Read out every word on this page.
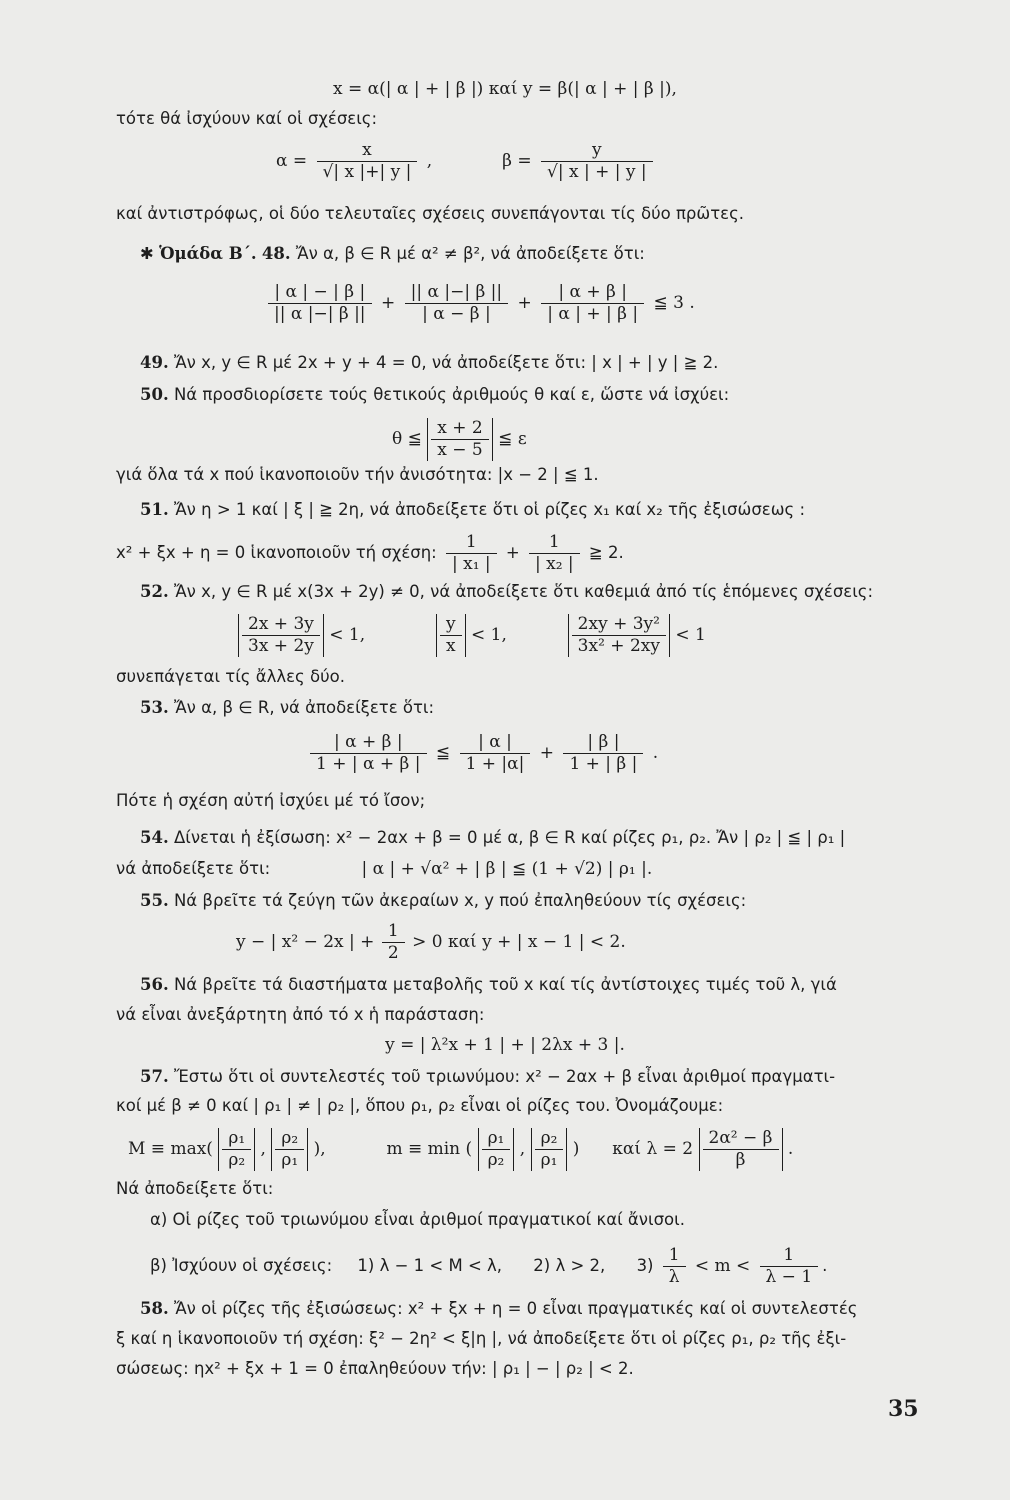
x = α(| α | + | β |) καί y = β(| α | + | β |),
τότε θά ἰσχύουν καί οἱ σχέσεις:
$\alpha = \frac{x}{√| x |+| y |}$ ,	$\beta = \frac{y}{√| x | + | y |}$
καί ἀντιστρόφως, οἱ δύο τελευταῖες σχέσεις συνεπάγονται τίς δύο πρῶτες.
✱ Ὁμάδα Β΄. 48. Ἄν α, β ∈ R μέ α² ≠ β², νά ἀποδείξετε ὅτι:
$\frac{| \alpha | - | \beta |}{|| \alpha |-| \beta ||} + \frac{|| \alpha |-| \beta ||}{| \alpha - \beta |} + \frac{| \alpha + \beta |}{| \alpha | + | \beta |}$ ≦ 3 .
49. Ἄν x, y ∈ R μέ 2x + y + 4 = 0, νά ἀποδείξετε ὅτι: | x | + | y | ≧ 2.
50. Νά προσδιορίσετε τούς θετικούς ἀριθμούς θ καί ε, ὥστε νά ἰσχύει:
θ ≦ $\frac{x + 2}{x - 5}$ ≦ ε
γιά ὅλα τά x πού ἱκανοποιοῦν τήν ἀνισότητα: |x − 2 | ≦ 1.
51. Ἄν η > 1 καί | ξ | ≧ 2η, νά ἀποδείξετε ὅτι οἱ ρίζες x₁ καί x₂ τῆς ἐξισώσεως :
x² + ξx + η = 0 ἱκανοποιοῦν τή σχέση: $\frac{1}{\text{| x₁ |}} + \frac{1}{\text{| x₂ |}}$ ≧ 2.
52. Ἄν x, y ∈ R μέ x(3x + 2y) ≠ 0, νά ἀποδείξετε ὅτι καθεμιά ἀπό τίς ἑπόμενες σχέσεις:
$\frac{2x + 3y}{3x + 2y} < 1$,	$\frac{y}{x} < 1$,	$\frac{\text{2xy + 3y²}}{\text{3x² + 2xy}} < 1$
συνεπάγεται τίς ἄλλες δύο.
53. Ἄν α, β ∈ R, νά ἀποδείξετε ὅτι:
$\frac{| \alpha + \beta |}{1 + | \alpha + \beta |}$ ≦ $\frac{| \alpha |}{1 + |\alpha|} + \frac{| \beta |}{1 + | \beta |}$ .
Πότε ἡ σχέση αὐτή ἰσχύει μέ τό ἴσον;
54. Δίνεται ἡ ἐξίσωση: x² − 2αx + β = 0 μέ α, β ∈ R καί ρίζες ρ₁, ρ₂. Ἄν | ρ₂ | ≦ | ρ₁ |
νά ἀποδείξετε ὅτι:	| α | + √α² + | β | ≦ (1 + √2) | ρ₁ |.
55. Νά βρεῖτε τά ζεύγη τῶν ἀκεραίων x, y πού ἐπαληθεύουν τίς σχέσεις:
y − | x² − 2x | + $\frac{1}{2} > 0$ καί y + | x − 1 | < 2.
56. Νά βρεῖτε τά διαστήματα μεταβολῆς τοῦ x καί τίς ἀντίστοιχες τιμές τοῦ λ, γιά
νά εἶναι ἀνεξάρτητη ἀπό τό x ἡ παράσταση:
y = | λ²x + 1 | + | 2λx + 3 |.
57. Ἔστω ὅτι οἱ συντελεστές τοῦ τριωνύμου: x² − 2αx + β εἶναι ἀριθμοί πραγματι-
κοί μέ β ≠ 0 καί | ρ₁ | ≠ | ρ₂ |, ὅπου ρ₁, ρ₂ εἶναι οἱ ρίζες του. Ὀνομάζουμε:
$M \equiv \max( \frac{\text{ρ₁}}{\text{ρ₂}}$ , $\frac{\text{ρ₂}}{\text{ρ₁}}$ ),	m ≡ min ( $\frac{\text{ρ₁}}{\text{ρ₂}}$ , $\frac{\text{ρ₂}}{\text{ρ₁}}$ )  καί $\lambda = 2 \frac{\text{2α² − β}}{\beta}$ .
Νά ἀποδείξετε ὅτι:
α) Οἱ ρίζες τοῦ τριωνύμου εἶναι ἀριθμοί πραγματικοί καί ἄνισοι.
β) Ἰσχύουν οἱ σχέσεις: 1) λ − 1 < M < λ, 2) λ > 2, $3) \frac{1}{\lambda} < m < \frac{1}{\lambda - 1}$ .
58. Ἄν οἱ ρίζες τῆς ἐξισώσεως: x² + ξx + η = 0 εἶναι πραγματικές καί οἱ συντελεστές
ξ καί η ἱκανοποιοῦν τή σχέση: ξ² − 2η² < ξ|η |, νά ἀποδείξετε ὅτι οἱ ρίζες ρ₁, ρ₂ τῆς ἐξι-
σώσεως: ηx² + ξx + 1 = 0 ἐπαληθεύουν τήν: | ρ₁ | − | ρ₂ | < 2.
35
